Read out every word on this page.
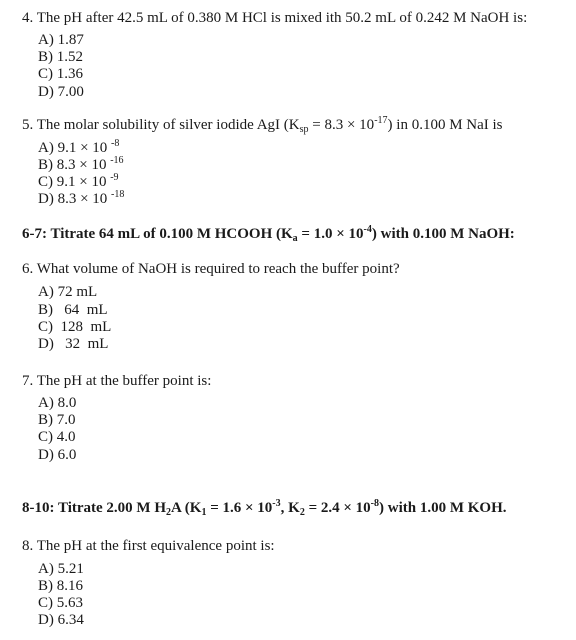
4. The pH after 42.5 mL of 0.380 M HCl is mixed ith 50.2 mL of 0.242 M NaOH is:
A) 1.87
B) 1.52
C) 1.36
D) 7.00
5. The molar solubility of silver iodide AgI $(K_{sp} = 8.3 \times 10^{-17})$ in 0.100 M NaI is
A) 9.1 × 10 $^{-8}$
B) 8.3 × 10 $^{-16}$
C) 9.1 × 10 $^{-9}$
D) 8.3 × 10 $^{-18}$
6-7: Titrate 64 mL of 0.100 M HCOOH $(K_a = 1.0 \times 10^{-4})$ with 0.100 M NaOH:
6. What volume of NaOH is required to reach the buffer point?
A) 72 mL
B)   64  mL
C)  128  mL
D)   32  mL
7. The pH at the buffer point is:
A) 8.0
B) 7.0
C) 4.0
D) 6.0
8-10: Titrate 2.00 M $H_2A$ ($K_1 = 1.6 \times 10^{-3}$, $K_2 = 2.4 \times 10^{-8}$) with 1.00 M KOH.
8. The pH at the first equivalence point is:
A) 5.21
B) 8.16
C) 5.63
D) 6.34
